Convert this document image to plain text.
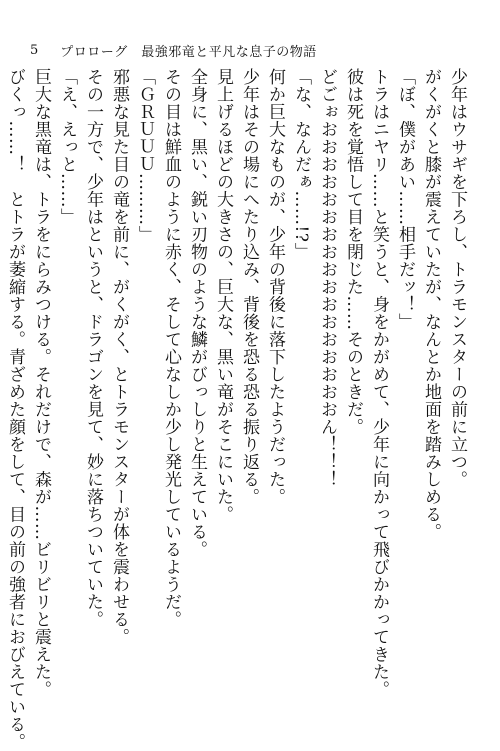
5 プロローグ　最強邪竜と平凡な息子の物語

少年はウサギを下ろし、トラモンスターの前に立つ。

がくがくと膝が震えていたが、なんとか地面を踏みしめる。

「ぼ、僕があい……相手だッ！」

トラはニヤリ……と笑うと、身をかがめて、少年に向かって飛びかかってきた。

彼は死を覚悟して目を閉じた……そのときだ。

どごぉおおおおおおおおおおおおおおおおおん！！！

「な、なんだぁ……!?」

何か巨大なものが、少年の背後に落下したようだった。

少年はその場にへたり込み、背後を恐る恐る振り返る。

見上げるほどの大きさの、巨大な、黒い竜がそこにいた。

全身に、黒い、鋭い刃物のような鱗がびっしりと生えている。

その目は鮮血のように赤く、そして心なしか少し発光しているようだ。

「ＧＲＵＵＵ………」

邪悪な見た目の竜を前に、がくがく、とトラモンスターが体を震わせる。

その一方で、少年はというと、ドラゴンを見て、妙に落ちついていた。

「え、えっと……」

巨大な黒竜は、トラをにらみつける。それだけで、森が……ビリビリと震えた。

びくっ……！　とトラが萎縮する。青ざめた顔をして、目の前の強者におびえている。
